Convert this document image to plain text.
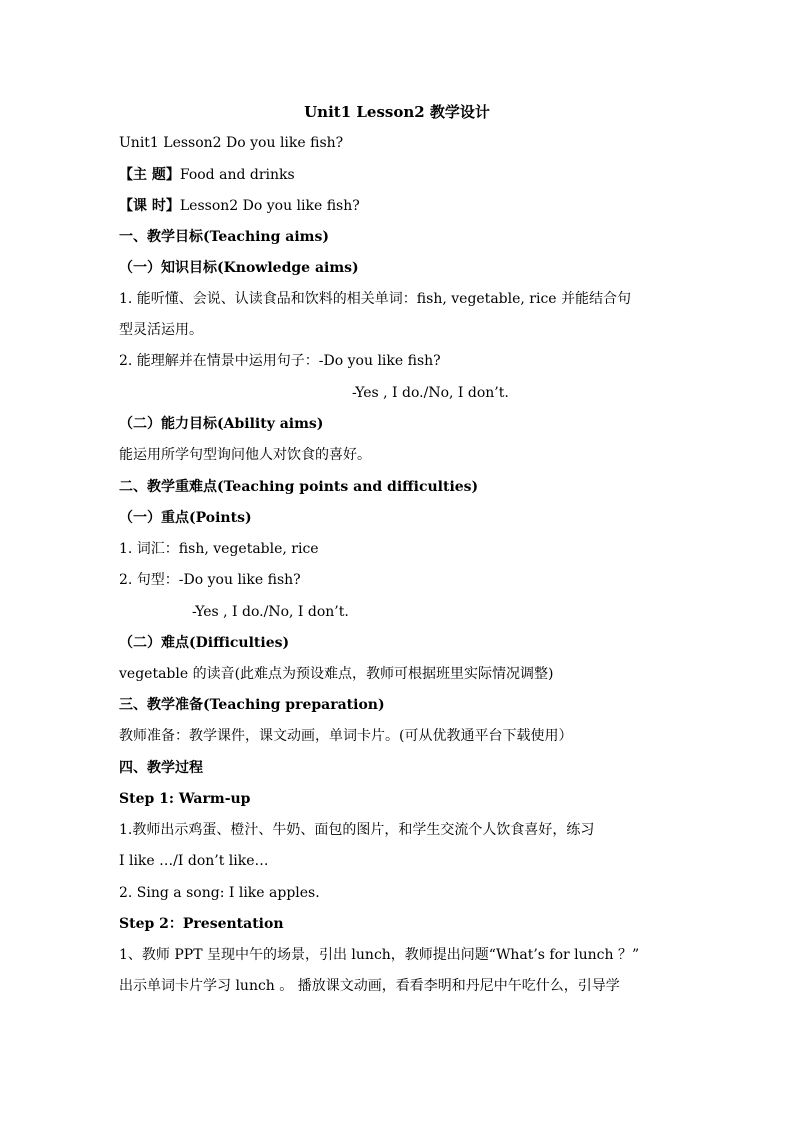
Unit1 Lesson2 教学设计
Unit1 Lesson2 Do you like fish?
【主 题】Food and drinks
【课 时】Lesson2 Do you like fish?
一、教学目标(Teaching aims)
（一）知识目标(Knowledge aims)
1. 能听懂、会说、认读食品和饮料的相关单词：fish, vegetable, rice 并能结合句
型灵活运用。
2. 能理解并在情景中运用句子：-Do you like fish?
-Yes , I do./No, I don’t.
（二）能力目标(Ability aims)
能运用所学句型询问他人对饮食的喜好。
二、教学重难点(Teaching points and difficulties)
（一）重点(Points)
1. 词汇：fish, vegetable, rice
2. 句型：-Do you like fish?
-Yes , I do./No, I don’t.
（二）难点(Difficulties)
vegetable 的读音(此难点为预设难点，教师可根据班里实际情况调整)
三、教学准备(Teaching preparation)
教师准备：教学课件，课文动画，单词卡片。(可从优教通平台下载使用）
四、教学过程
Step 1: Warm-up
1.教师出示鸡蛋、橙汁、牛奶、面包的图片，和学生交流个人饮食喜好，练习
I like …/I don’t like…
2. Sing a song: I like apples.
Step 2：Presentation
1、教师 PPT 呈现中午的场景，引出 lunch，教师提出问题“What’s for lunch ？”
出示单词卡片学习 lunch 。 播放课文动画，看看李明和丹尼中午吃什么，引导学
